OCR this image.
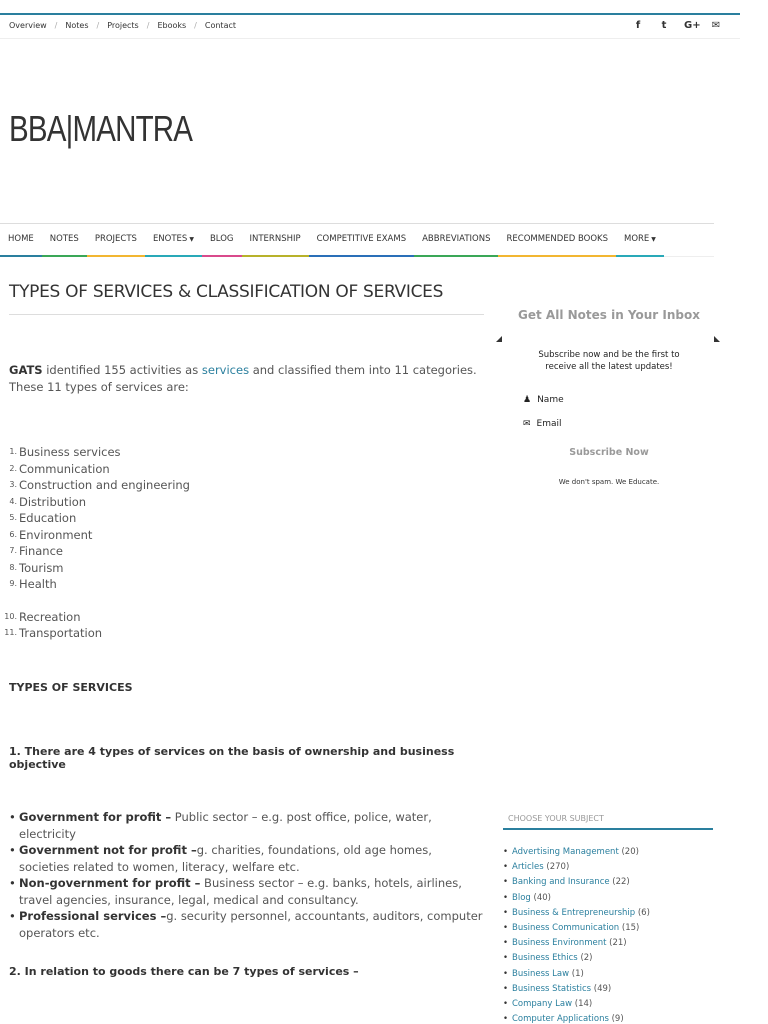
Overview / Notes / Projects / Ebooks / Contact	f	t	G+ ✉
BBA|MANTRA
HOME	NOTES	PROJECTS	ENOTES ▼	BLOG	INTERNSHIP	COMPETITIVE EXAMS	ABBREVIATIONS	RECOMMENDED BOOKS	MORE ▼
TYPES OF SERVICES & CLASSIFICATION OF SERVICES

GATS identified 155 activities as services and classified them into 11 categories. These 11 types of services are:

1. Business services
2. Communication
3. Construction and engineering
4. Distribution
5. Education
6. Environment
7. Finance
8. Tourism
9. Health
10. Recreation
11. Transportation
TYPES OF SERVICES
1. There are 4 types of services on the basis of ownership and business objective
• Government for profit – Public sector – e.g. post office, police, water, electricity
• Government not for profit –g. charities, foundations, old age homes, societies related to women, literacy, welfare etc.
• Non-government for profit – Business sector – e.g. banks, hotels, airlines, travel agencies, insurance, legal, medical and consultancy.
• Professional services –g. security personnel, accountants, auditors, computer operators etc.
2. In relation to goods there can be 7 types of services –
Get All Notes in Your Inbox
Subscribe now and be the first to receive all the latest updates!
♟ Name
✉ Email
Subscribe Now
We don't spam. We Educate.
CHOOSE YOUR SUBJECT
• Advertising Management (20)
• Articles (270)
• Banking and Insurance (22)
• Blog (40)
• Business & Entrepreneurship (6)
• Business Communication (15)
• Business Environment (21)
• Business Ethics (2)
• Business Law (1)
• Business Statistics (49)
• Company Law (14)
• Computer Applications (9)
